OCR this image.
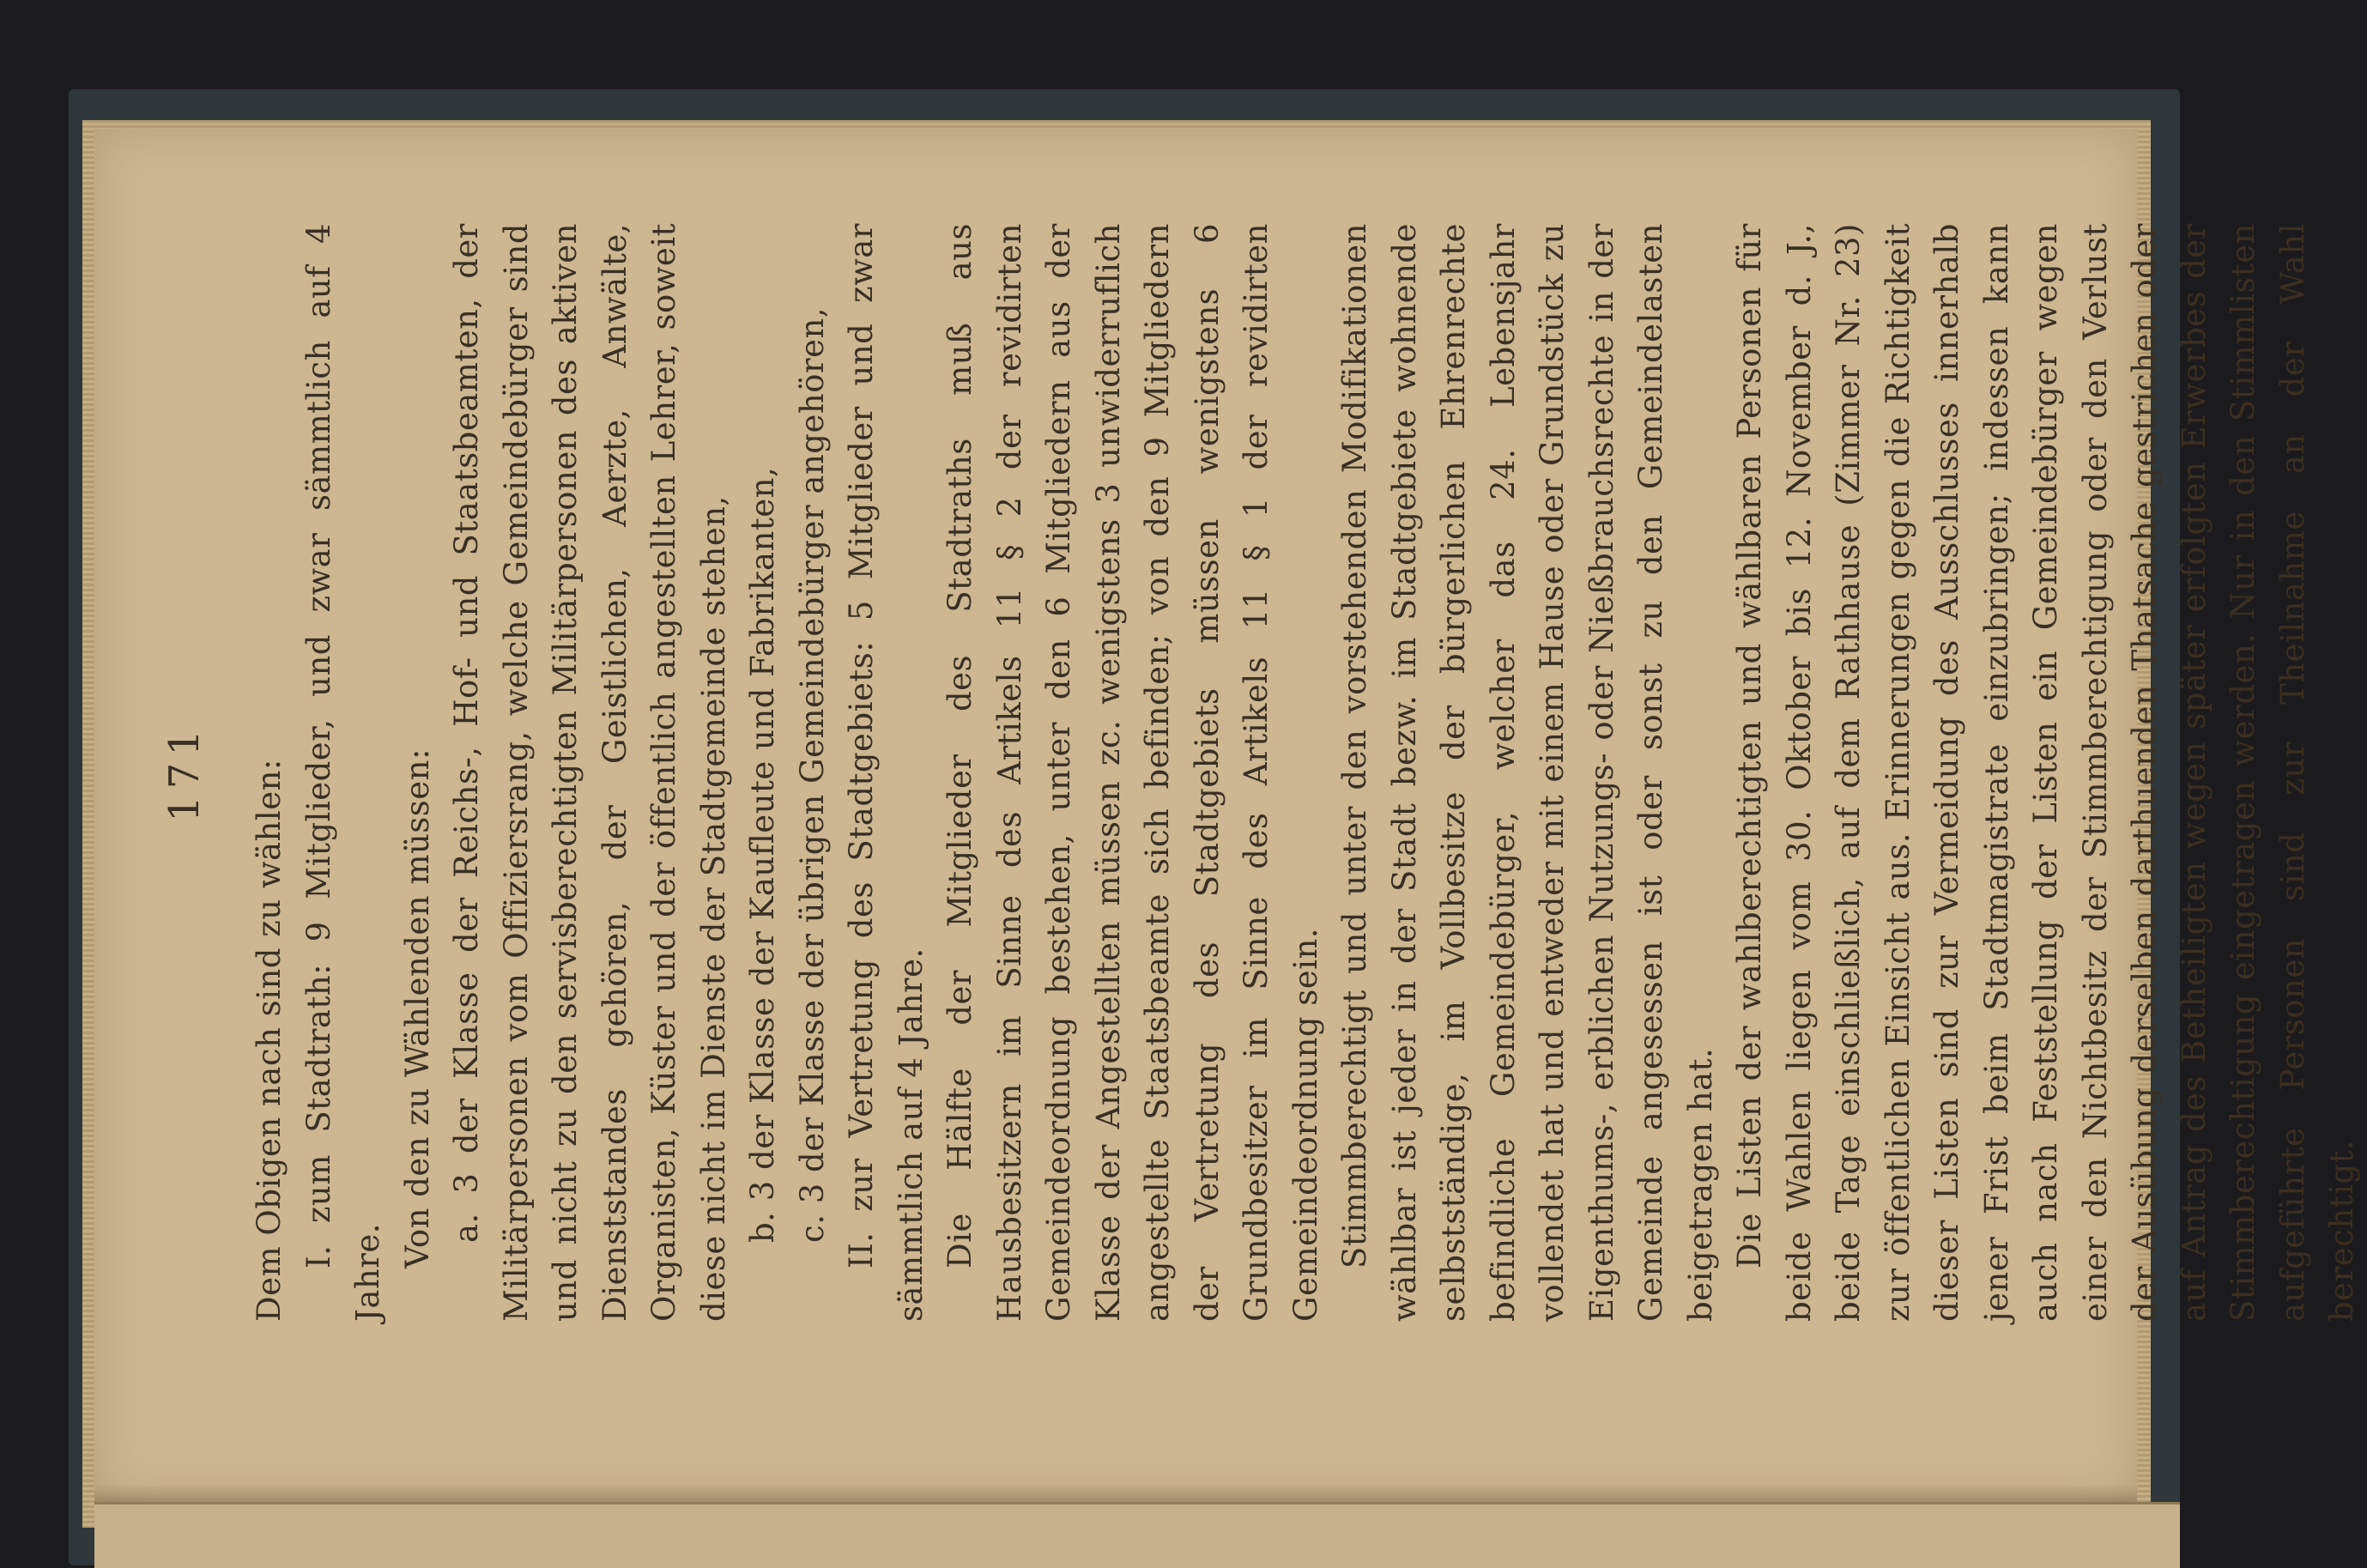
171 Dem Obigen nach sind zu wählen: I. zum Stadtrath: 9 Mitglieder, und zwar sämmtlich auf 4 Jahre.

Von den zu Wählenden müssen: a. 3 der Klasse der Reichs-, Hof- und Staatsbeamten, der Militärpersonen vom Offiziersrang, welche Gemeindebürger sind und nicht zu den servisberechtigten Militärpersonen des aktiven Dienststandes gehören, der Geistlichen, Aerzte, Anwälte, Organisten, Küster und der öffentlich angestellten Lehrer, soweit diese nicht im Dienste der Stadtgemeinde stehen, b. 3 der Klasse der Kaufleute und Fabrikanten, c. 3 der Klasse der übrigen Gemeindebürger angehören, II. zur Vertretung des Stadtgebiets: 5 Mitglieder und zwar sämmtlich auf 4 Jahre. Die Hälfte der Mitglieder des Stadtraths muß aus Hausbesitzern im Sinne des Artikels 11 § 2 der revidirten Gemeindeordnung bestehen, unter den 6 Mitgliedern aus der Klasse der Angestellten müssen zc. wenigstens 3 unwiderruflich angestellte Staatsbeamte sich befinden; von den 9 Mitgliedern der Vertretung des Stadtgebiets müssen wenigstens 6 Grundbesitzer im Sinne des Artikels 11 § 1 der revidirten Gemeindeordnung sein. Stimmberechtigt und unter den vorstehenden Modifikationen wählbar ist jeder in der Stadt bezw. im Stadtgebiete wohnende selbstständige, im Vollbesitze der bürgerlichen Ehrenrechte befindliche Gemeindebürger, welcher das 24. Lebensjahr vollendet hat und entweder mit einem Hause oder Grundstück zu Eigenthums-, erblichen Nutzungs- oder Nießbrauchsrechte in der Gemeinde angesessen ist oder sonst zu den Gemeindelasten beigetragen hat. Die Listen der wahlberechtigten und wählbaren Personen für beide Wahlen liegen vom 30. Oktober bis 12. November d. J., beide Tage einschließlich, auf dem Rathhause (Zimmer Nr. 23) zur öffentlichen Einsicht aus. Erinnerungen gegen die Richtigkeit dieser Listen sind zur Vermeidung des Ausschlusses innerhalb jener Frist beim Stadtmagistrate einzubringen; indessen kann auch nach Feststellung der Listen ein Gemeindebürger wegen einer den Nichtbesitz der Stimmberechtigung oder den Verlust der Ausübung derselben darthuenden Thatsache gestrichen oder auf Antrag des Betheiligten wegen später erfolgten Erwerbes der Stimmberechtigung eingetragen werden. Nur in den Stimmlisten aufgeführte Personen sind zur Theilnahme an der Wahl berechtigt.
